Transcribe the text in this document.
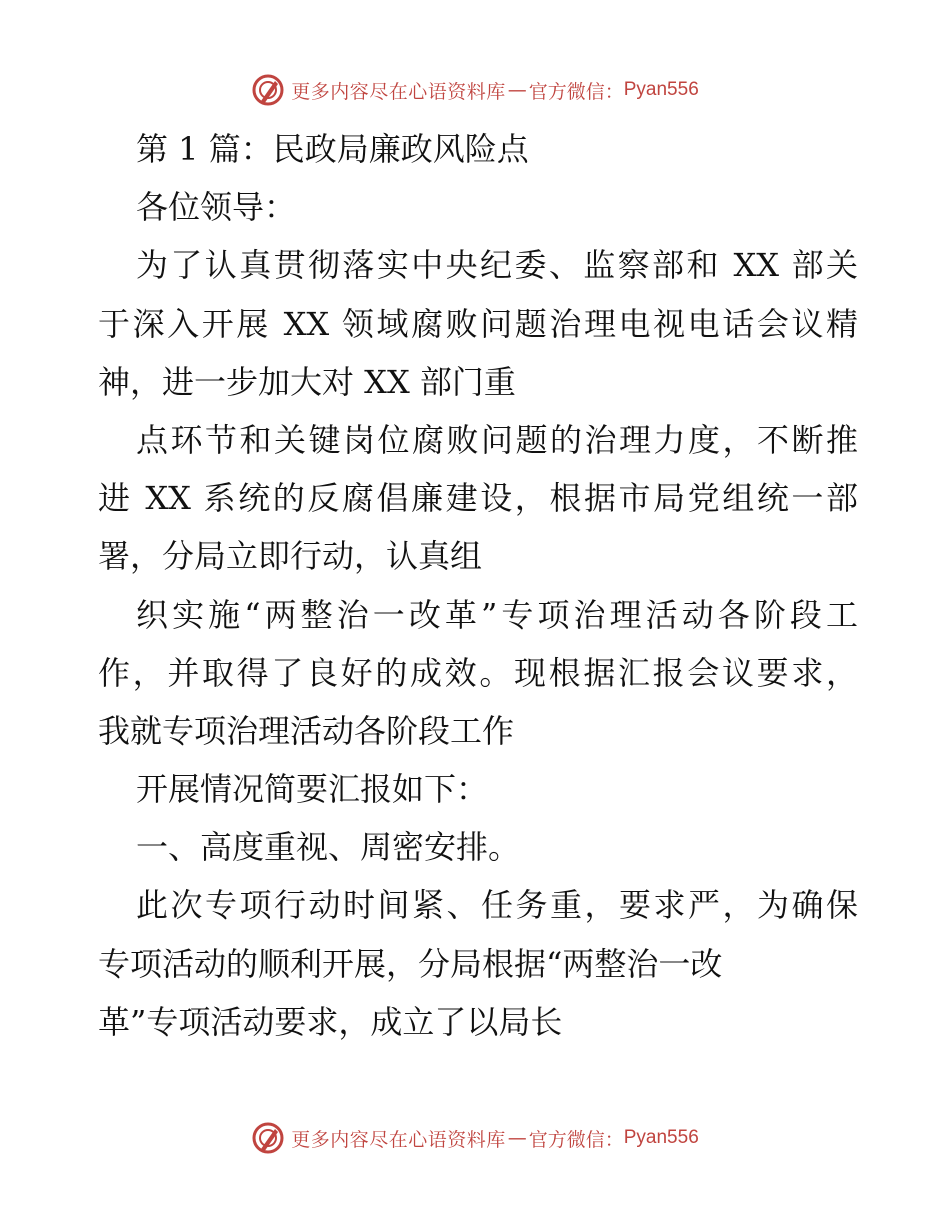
更多内容尽在心语资料库 — 官方微信： Pyan556
第 1 篇：民政局廉政风险点
各位领导：
为了认真贯彻落实中央纪委、监察部和 XX 部关
于深入开展 XX 领域腐败问题治理电视电话会议精
神，进一步加大对 XX 部门重
点环节和关键岗位腐败问题的治理力度，不断推
进 XX 系统的反腐倡廉建设，根据市局党组统一部
署，分局立即行动，认真组
织实施“两整治一改革”专项治理活动各阶段工
作，并取得了良好的成效。现根据汇报会议要求，
我就专项治理活动各阶段工作
开展情况简要汇报如下：
一、高度重视、周密安排。
此次专项行动时间紧、任务重，要求严，为确保
专项活动的顺利开展，分局根据“两整治一改
革”专项活动要求，成立了以局长
更多内容尽在心语资料库 — 官方微信： Pyan556
